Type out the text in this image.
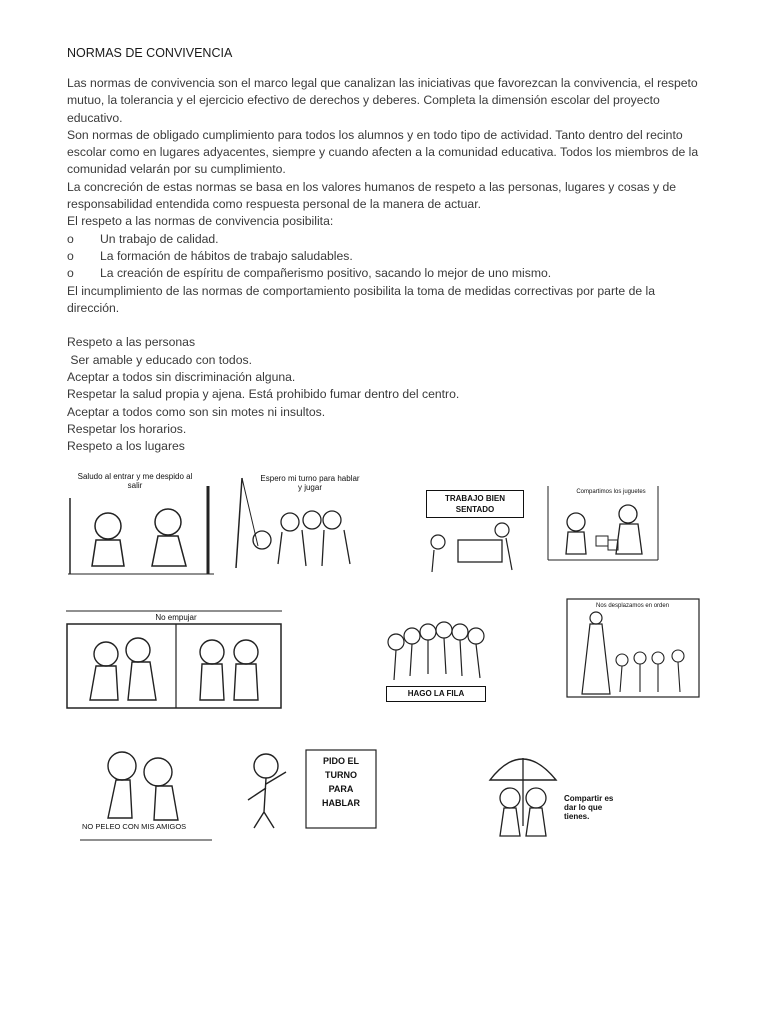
NORMAS DE CONVIVENCIA

Las normas de convivencia son el marco legal que canalizan las iniciativas que favorezcan la convivencia, el respeto mutuo, la tolerancia y el ejercicio efectivo de derechos y deberes. Completa la dimensión escolar del proyecto educativo.

Son normas de obligado cumplimiento para todos los alumnos y en todo tipo de actividad. Tanto dentro del recinto escolar como en lugares adyacentes, siempre y cuando afecten a la comunidad educativa. Todos los miembros de la comunidad velarán por su cumplimiento.

La concreción de estas normas se basa en los valores humanos de respeto a las personas, lugares y cosas y de responsabilidad entendida como respuesta personal de la manera de actuar.

El respeto a las normas de convivencia posibilita:

o	Un trabajo de calidad.
o	La formación de hábitos de trabajo saludables.
o	La creación de espíritu de compañerismo positivo, sacando lo mejor de uno mismo.

El incumplimiento de las normas de comportamiento posibilita la toma de medidas correctivas por parte de la dirección.

Respeto a las personas

Ser amable y educado con todos.

Aceptar a todos sin discriminación alguna.

Respetar la salud propia y ajena. Está prohibido fumar dentro del centro.

Aceptar a todos como son sin motes ni insultos.

Respetar los horarios.

Respeto a los lugares

Saludo al entrar y me despido al salir
Espero mi turno para hablar y jugar
TRABAJO BIEN SENTADO
Compartimos los juguetes
No empujar
HAGO LA FILA
Nos desplazamos en orden
NO PELEO CON MIS AMIGOS
PIDO EL TURNO PARA HABLAR	Compartir es dar lo que tienes.
